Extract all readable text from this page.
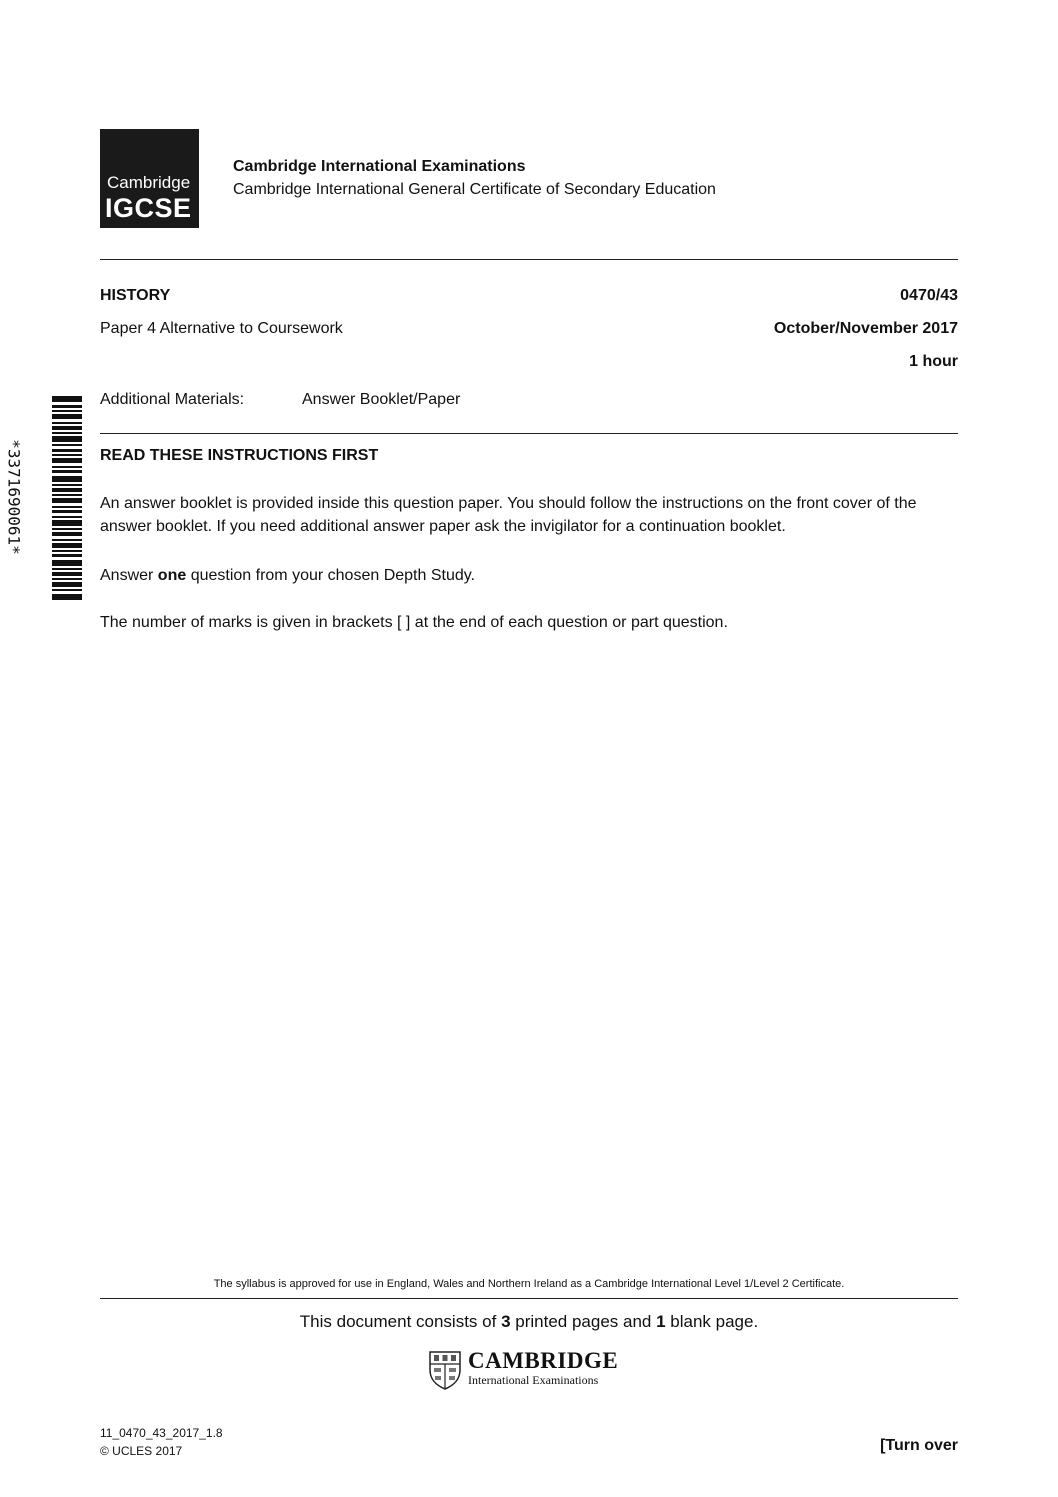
Cambridge
IGCSE
Cambridge International Examinations
Cambridge International General Certificate of Secondary Education
HISTORY	0470/43
Paper 4 Alternative to Coursework	October/November 2017
1 hour
Additional Materials:	Answer Booklet/Paper
*3371690061*	READ THESE INSTRUCTIONS FIRST
An answer booklet is provided inside this question paper. You should follow the instructions on the front cover of the answer booklet. If you need additional answer paper ask the invigilator for a continuation booklet.
Answer one question from your chosen Depth Study.
The number of marks is given in brackets [ ] at the end of each question or part question.
The syllabus is approved for use in England, Wales and Northern Ireland as a Cambridge International Level 1/Level 2 Certificate.
This document consists of 3 printed pages and 1 blank page.
CAMBRIDGE
International Examinations
11_0470_43_2017_1.8
© UCLES 2017	[Turn over
